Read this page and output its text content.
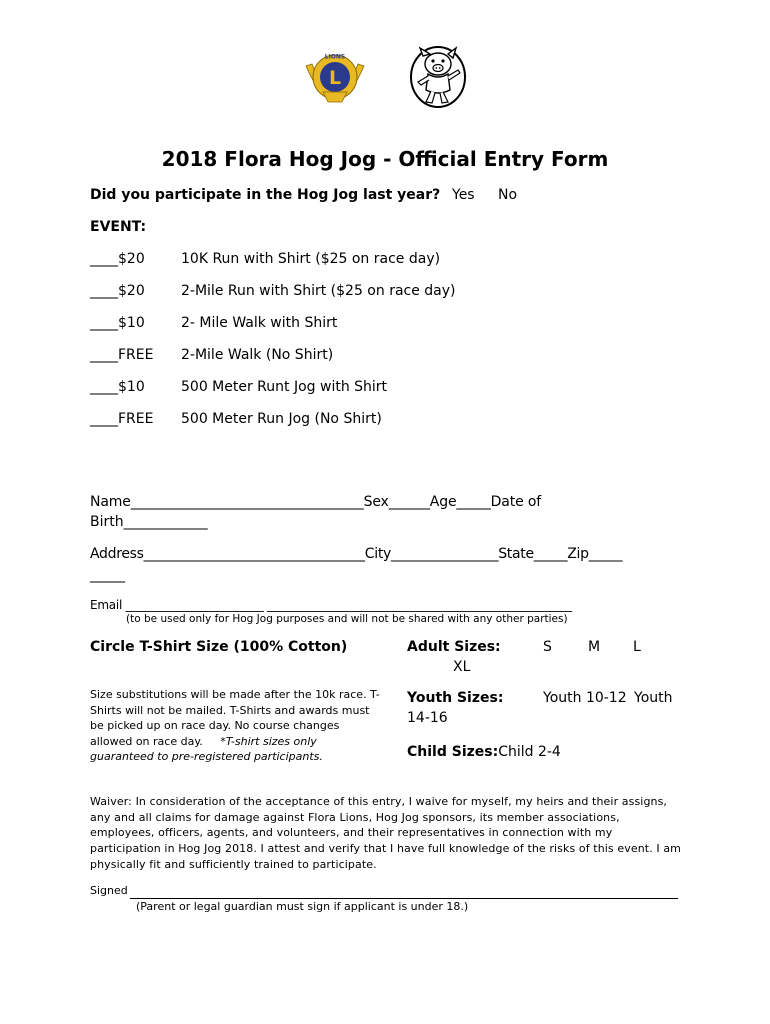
LIONS
L
2018 Flora Hog Jog - Official Entry Form
Did you participate in the Hog Jog last year? Yes No
EVENT:
____$20	10K Run with Shirt ($25 on race day)
____$20	2-Mile Run with Shirt ($25 on race day)
____$10	2- Mile Walk with Shirt
____FREE 2-Mile Walk (No Shirt)
____$10	500 Meter Runt Jog with Shirt
____FREE 500 Meter Run Jog (No Shirt)
Name__________________________________Sex______Age_____Date of
Birth____________
Address_________________________________City________________State_____Zip_____
_____
Email ________________________ _____________________________________________________
(to be used only for Hog Jog purposes and will not be shared with any other parties)
Circle T-Shirt Size (100% Cotton)	Adult Sizes:	S	M L
XL
Size substitutions will be made after the 10k race. T-Shirts will not be mailed. T-Shirts and awards must be picked up on race day. No course changes allowed on race day. *T-shirt sizes only guaranteed to pre-registered participants.
Youth Sizes:	Youth 10-12 Youth
14-16
Child Sizes:Child 2-4
Waiver: In consideration of the acceptance of this entry, I waive for myself, my heirs and their assigns, any and all claims for damage against Flora Lions, Hog Jog sponsors, its member associations, employees, officers, agents, and volunteers, and their representatives in connection with my participation in Hog Jog 2018. I attest and verify that I have full knowledge of the risks of this event. I am physically fit and sufficiently trained to participate.
Signed
(Parent or legal guardian must sign if applicant is under 18.)
